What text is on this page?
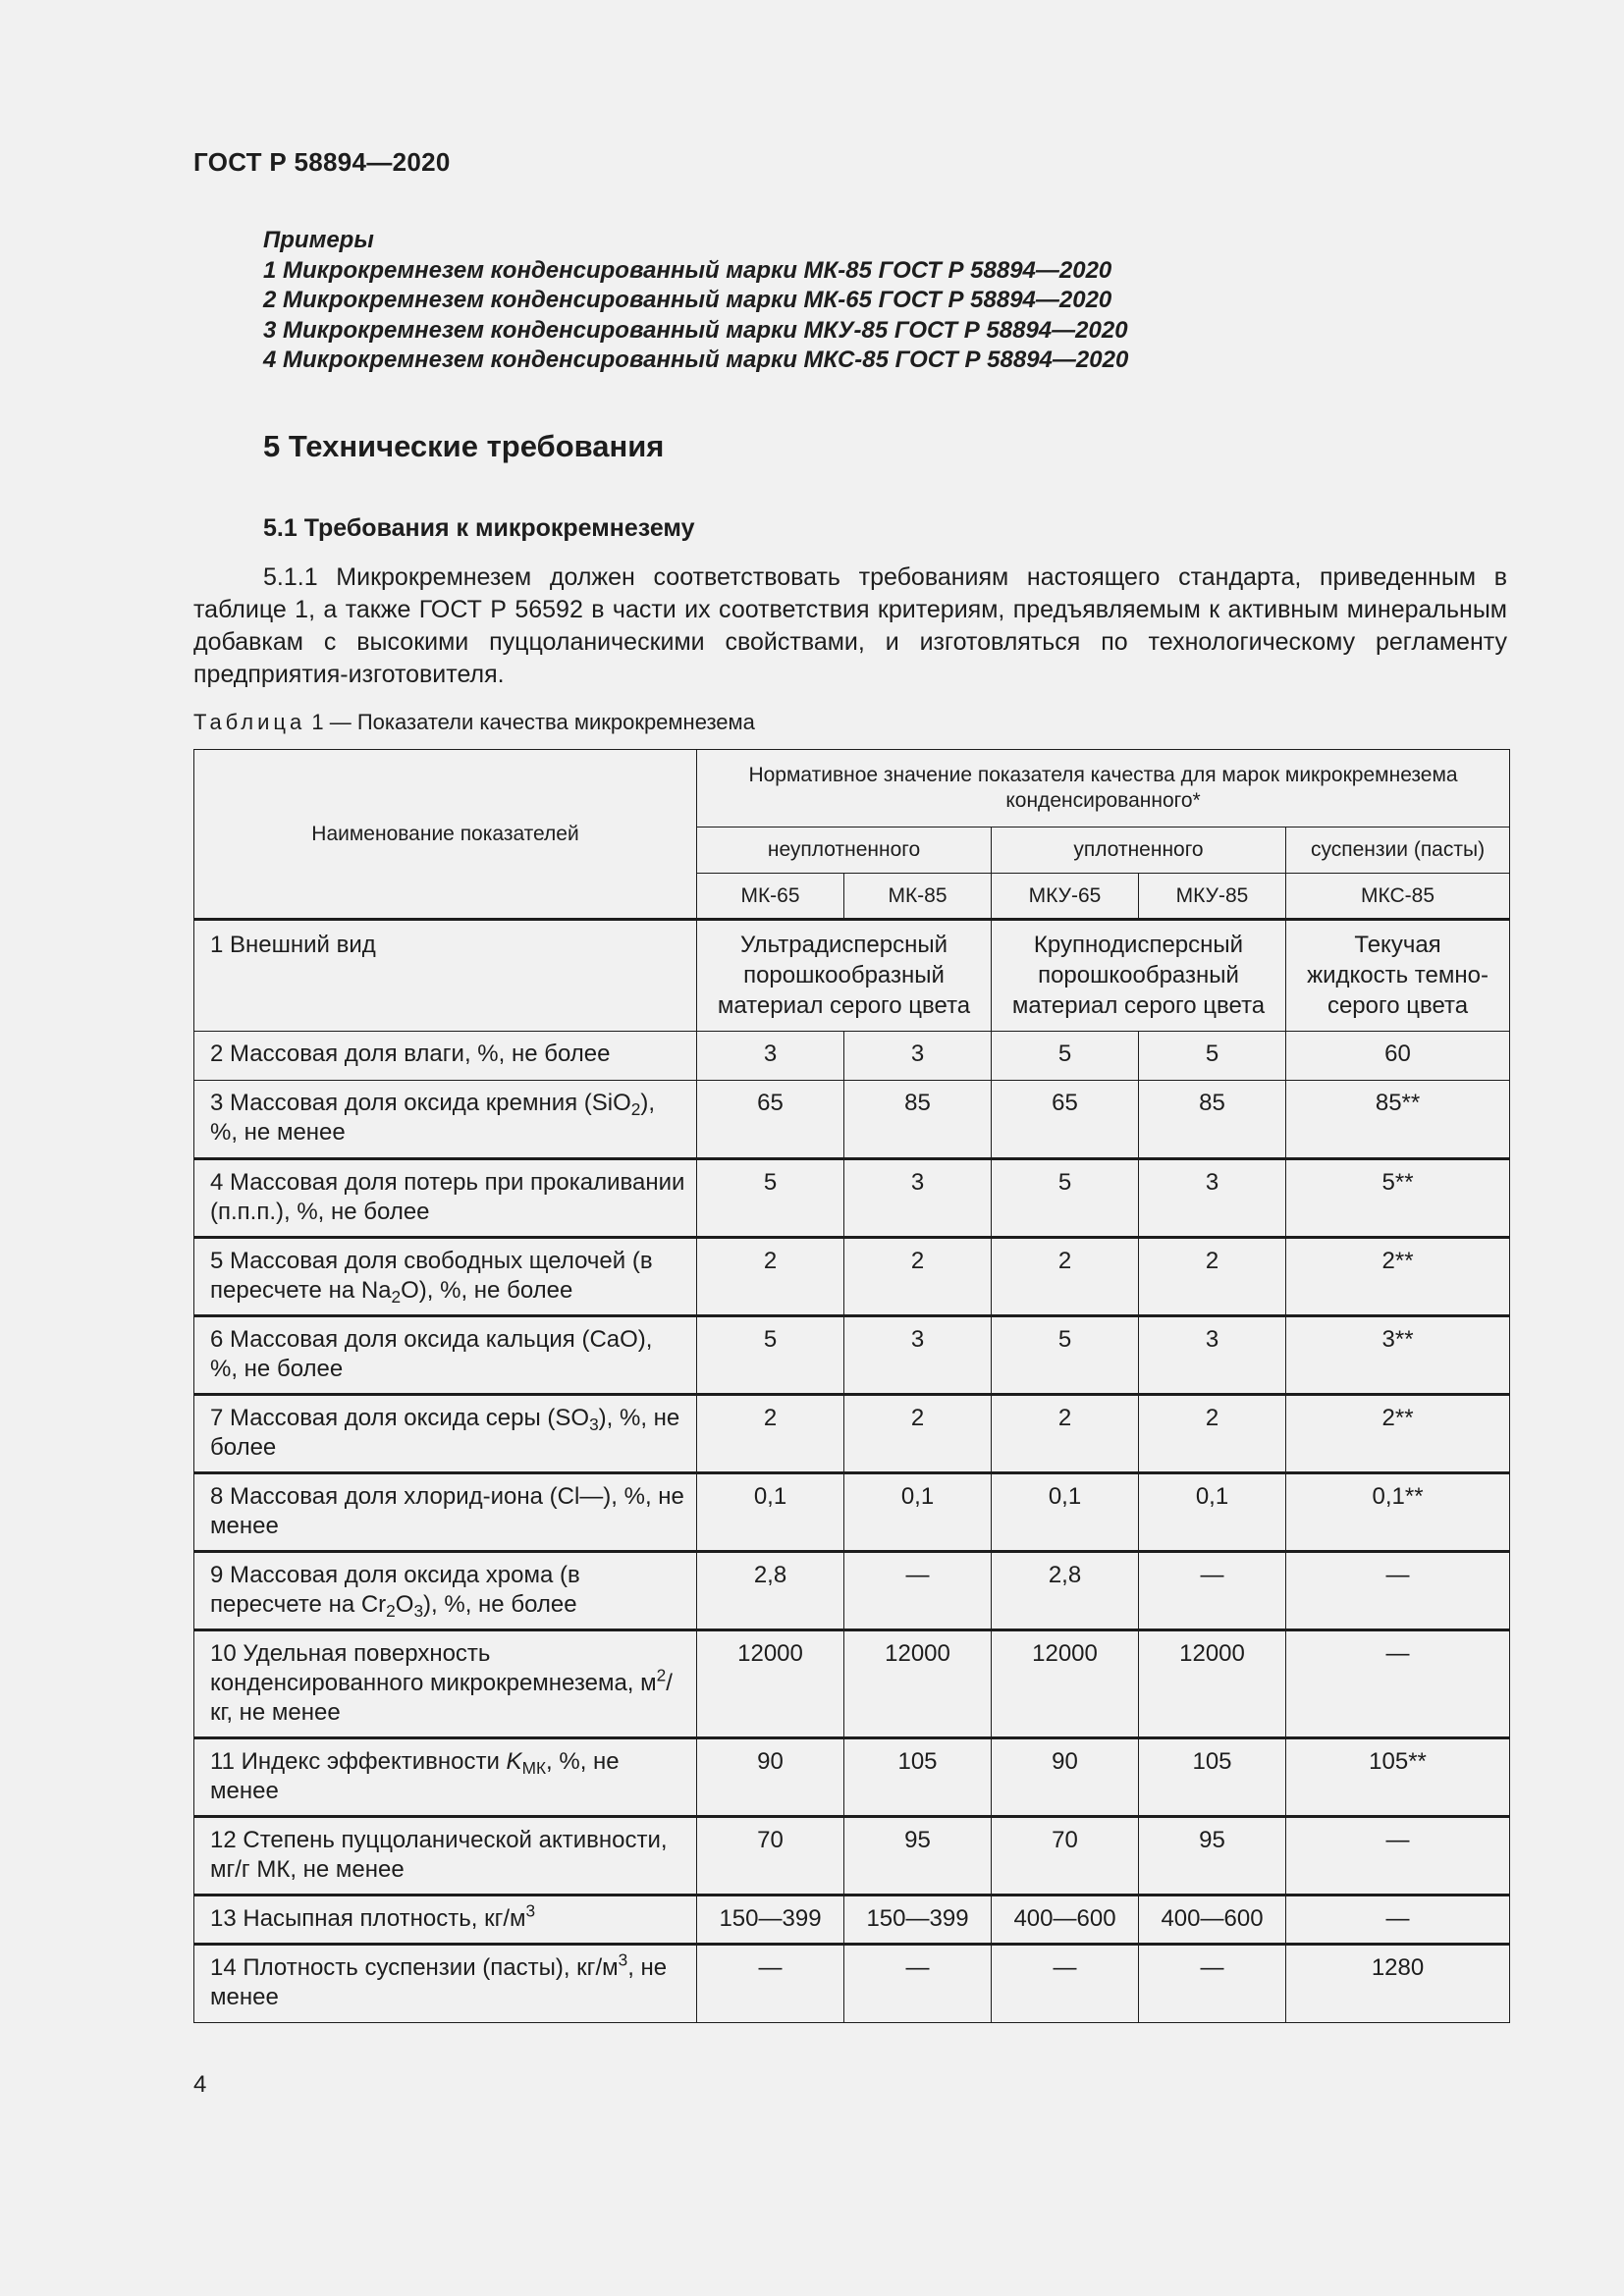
ГОСТ Р 58894—2020
Примеры
1 Микрокремнезем конденсированный марки МК-85 ГОСТ Р 58894—2020
2 Микрокремнезем конденсированный марки МК-65 ГОСТ Р 58894—2020
3 Микрокремнезем конденсированный марки МКУ-85 ГОСТ Р 58894—2020
4 Микрокремнезем конденсированный марки МКС-85 ГОСТ Р 58894—2020
5 Технические требования
5.1 Требования к микрокремнезему

5.1.1 Микрокремнезем должен соответствовать требованиям настоящего стандарта, приведенным в таблице 1, а также ГОСТ Р 56592 в части их соответствия критериям, предъявляемым к активным минеральным добавкам с высокими пуццоланическими свойствами, и изготовляться по технологическому регламенту предприятия-изготовителя.

Таблица 1 — Показатели качества микрокремнезема
Наименование показателей	Нормативное значение показателя качества для марок микрокремнезема конденсированного*				
	неуплотненного		уплотненного		суспензии (пасты)
	МК-65	МК-85	МКУ-65	МКУ-85	МКС-85
1 Внешний вид	Ультрадисперсный порошкообразный материал серого цвета		Крупнодисперсный порошкообразный материал серого цвета		Текучая жидкость темно-серого цвета
2 Массовая доля влаги, %, не более	3	3	5	5	60
3 Массовая доля оксида кремния (SiO$_2$), %, не менее	65	85	65	85	85**
4 Массовая доля потерь при прокаливании (п.п.п.), %, не более	5	3	5	3	5**
5 Массовая доля свободных щелочей (в пересчете на $Na_2O$), %, не более	2	2	2	2	2**
6 Массовая доля оксида кальция (CaO), %, не более	5	3	5	3	3**
7 Массовая доля оксида серы $(SO_3)$, %, не более	2	2	2	2	2**
8 Массовая доля хлорид-иона (Cl—), %, не менее	0,1	0,1	0,1	0,1	0,1**
9 Массовая доля оксида хрома (в пересчете на $Cr_2O_3$), %, не более	2,8	—	2,8	—	—
10 Удельная поверхность конденсированного микрокремнезема, $м^2/кг$, не менее	12000	12000	12000	12000	—
11 Индекс эффективности $K_{МК}$, %, не менее	90	105	90	105	105**
12 Степень пуццоланической активности, мг/г МК, не менее	70	95	70	95	—
13 Насыпная плотность, $кг/м^3$	150—399	150—399	400—600	400—600	—
14 Плотность суспензии (пасты), $кг/м^3$, не менее	—	—	—	—	1280
4
